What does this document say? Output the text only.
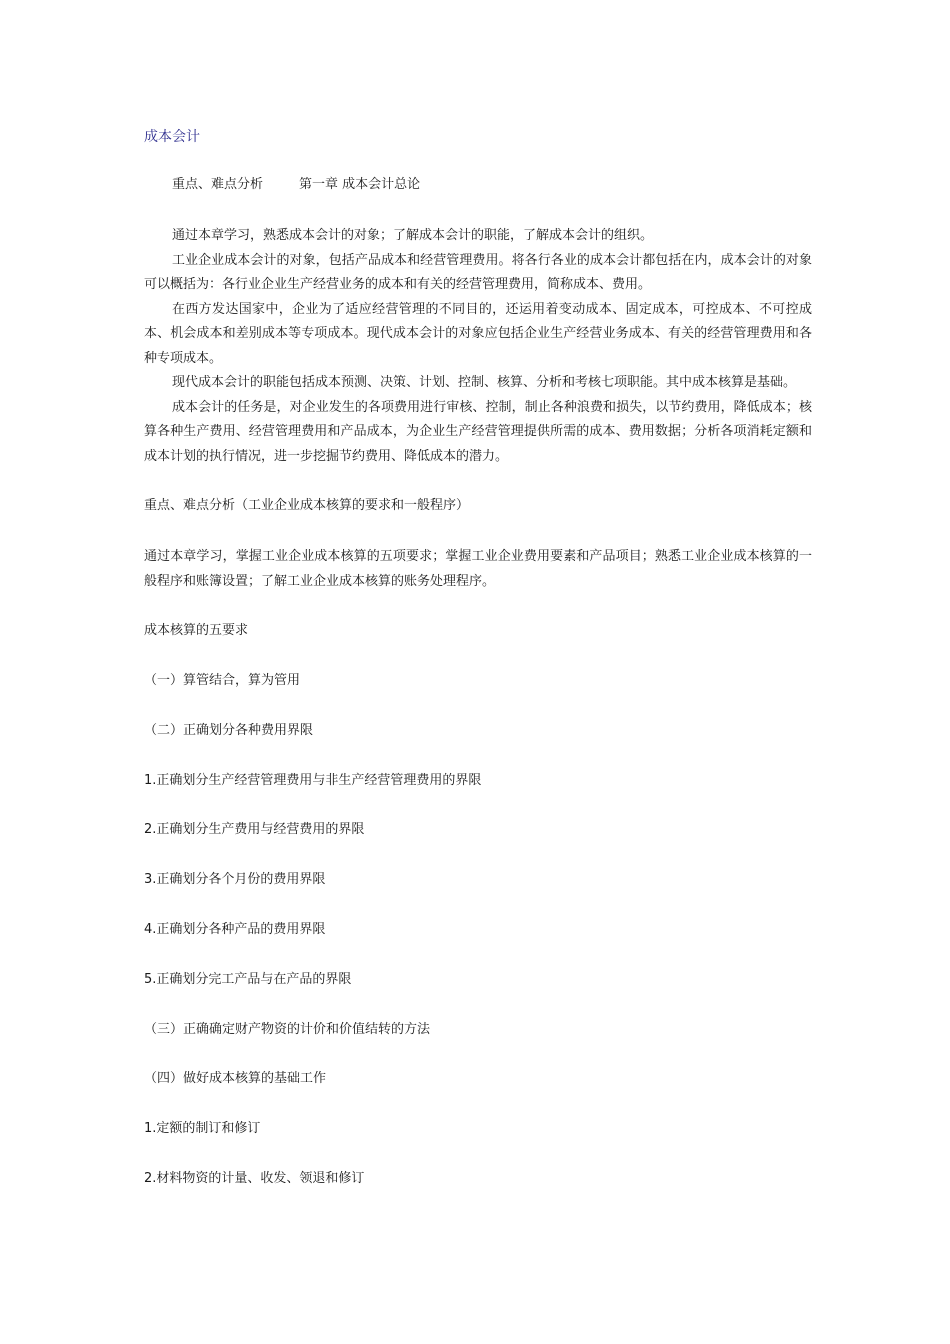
成本会计
重点、难点分析	第一章 成本会计总论

通过本章学习，熟悉成本会计的对象；了解成本会计的职能，了解成本会计的组织。

工业企业成本会计的对象，包括产品成本和经营管理费用。将各行各业的成本会计都包括在内，成本会计的对象可以概括为：各行业企业生产经营业务的成本和有关的经营管理费用，简称成本、费用。

在西方发达国家中，企业为了适应经营管理的不同目的，还运用着变动成本、固定成本，可控成本、不可控成本、机会成本和差别成本等专项成本。现代成本会计的对象应包括企业生产经营业务成本、有关的经营管理费用和各种专项成本。

现代成本会计的职能包括成本预测、决策、计划、控制、核算、分析和考核七项职能。其中成本核算是基础。

成本会计的任务是，对企业发生的各项费用进行审核、控制，制止各种浪费和损失，以节约费用，降低成本；核算各种生产费用、经营管理费用和产品成本，为企业生产经营管理提供所需的成本、费用数据；分析各项消耗定额和成本计划的执行情况，进一步挖掘节约费用、降低成本的潜力。

重点、难点分析（工业企业成本核算的要求和一般程序）

通过本章学习，掌握工业企业成本核算的五项要求；掌握工业企业费用要素和产品项目；熟悉工业企业成本核算的一般程序和账簿设置；了解工业企业成本核算的账务处理程序。

成本核算的五要求
（一）算管结合，算为管用
（二）正确划分各种费用界限
1.正确划分生产经营管理费用与非生产经营管理费用的界限
2.正确划分生产费用与经营费用的界限
3.正确划分各个月份的费用界限
4.正确划分各种产品的费用界限
5.正确划分完工产品与在产品的界限
（三）正确确定财产物资的计价和价值结转的方法
（四）做好成本核算的基础工作
1.定额的制订和修订
2.材料物资的计量、收发、领退和修订
